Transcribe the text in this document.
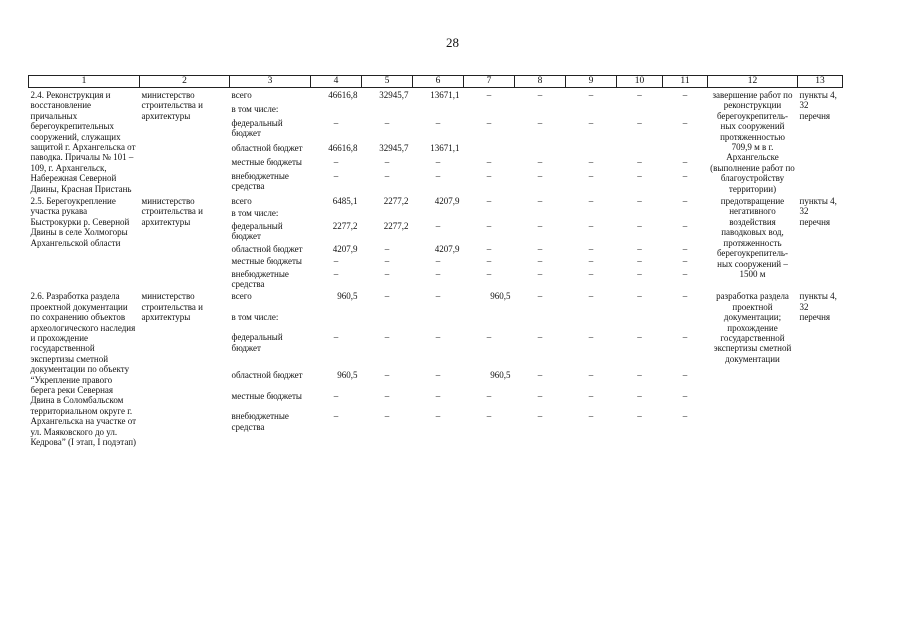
28
1	2	3	4	5	6	7	8	9	10	11	12	13
2.4. Реконструкция и восстановление причальных берегоукрепительных сооружений, служащих защитой г. Архангельска от паводка. Причалы № 101 – 109, г. Архангельск, Набережная Северной Двины, Красная Пристань	министерство строительства и архитектуры	всего	46616,8	32945,7	13671,1	–	–	–	–	–	завершение работ по реконструкции берегоукрепитель-ных сооружений протяженностью 709,9 м в г. Архангельске (выполнение работ по благоустройству территории)	пункты 4, 32 перечня
		в том числе:										
		федеральный бюджет	–	–	–	–	–	–	–	–		
		областной бюджет	46616,8	32945,7	13671,1							
		местные бюджеты	–	–	–	–	–	–	–	–		
		внебюджетные средства	–	–	–	–	–	–	–	–		
2.5. Берегоукрепление участка рукава Быстрокурки р. Северной Двины в селе Холмогоры Архангельской области	министерство строительства и архитектуры	всего	6485,1	2277,2	4207,9	–	–	–	–	–	предотвращение негативного воздействия паводковых вод, протяженность берегоукрепитель-ных сооружений – 1500 м	пункты 4, 32 перечня
		в том числе:										
		федеральный бюджет	2277,2	2277,2	–	–	–	–	–	–		
		областной бюджет	4207,9	–	4207,9	–	–	–	–	–		
		местные бюджеты	–	–	–	–	–	–	–	–		
		внебюджетные средства	–	–	–	–	–	–	–	–		
2.6. Разработка раздела проектной документации по сохранению объектов археологического наследия и прохождение государственной экспертизы сметной документации по объекту “Укрепление правого берега реки Северная Двина в Соломбальском территориальном округе г. Архангельска на участке от ул. Маяковского до ул. Кедрова” (I этап, I подэтап)	министерство строительства и архитектуры	всего	960,5	–	–	960,5	–	–	–	–	разработка раздела проектной документации; прохождение государственной экспертизы сметной документации	пункты 4, 32 перечня
		в том числе:										
		федеральный бюджет	–	–	–	–	–	–	–	–		
		областной бюджет	960,5	–	–	960,5	–	–	–	–		
		местные бюджеты	–	–	–	–	–	–	–	–		
		внебюджетные средства	–	–	–	–	–	–	–	–		
